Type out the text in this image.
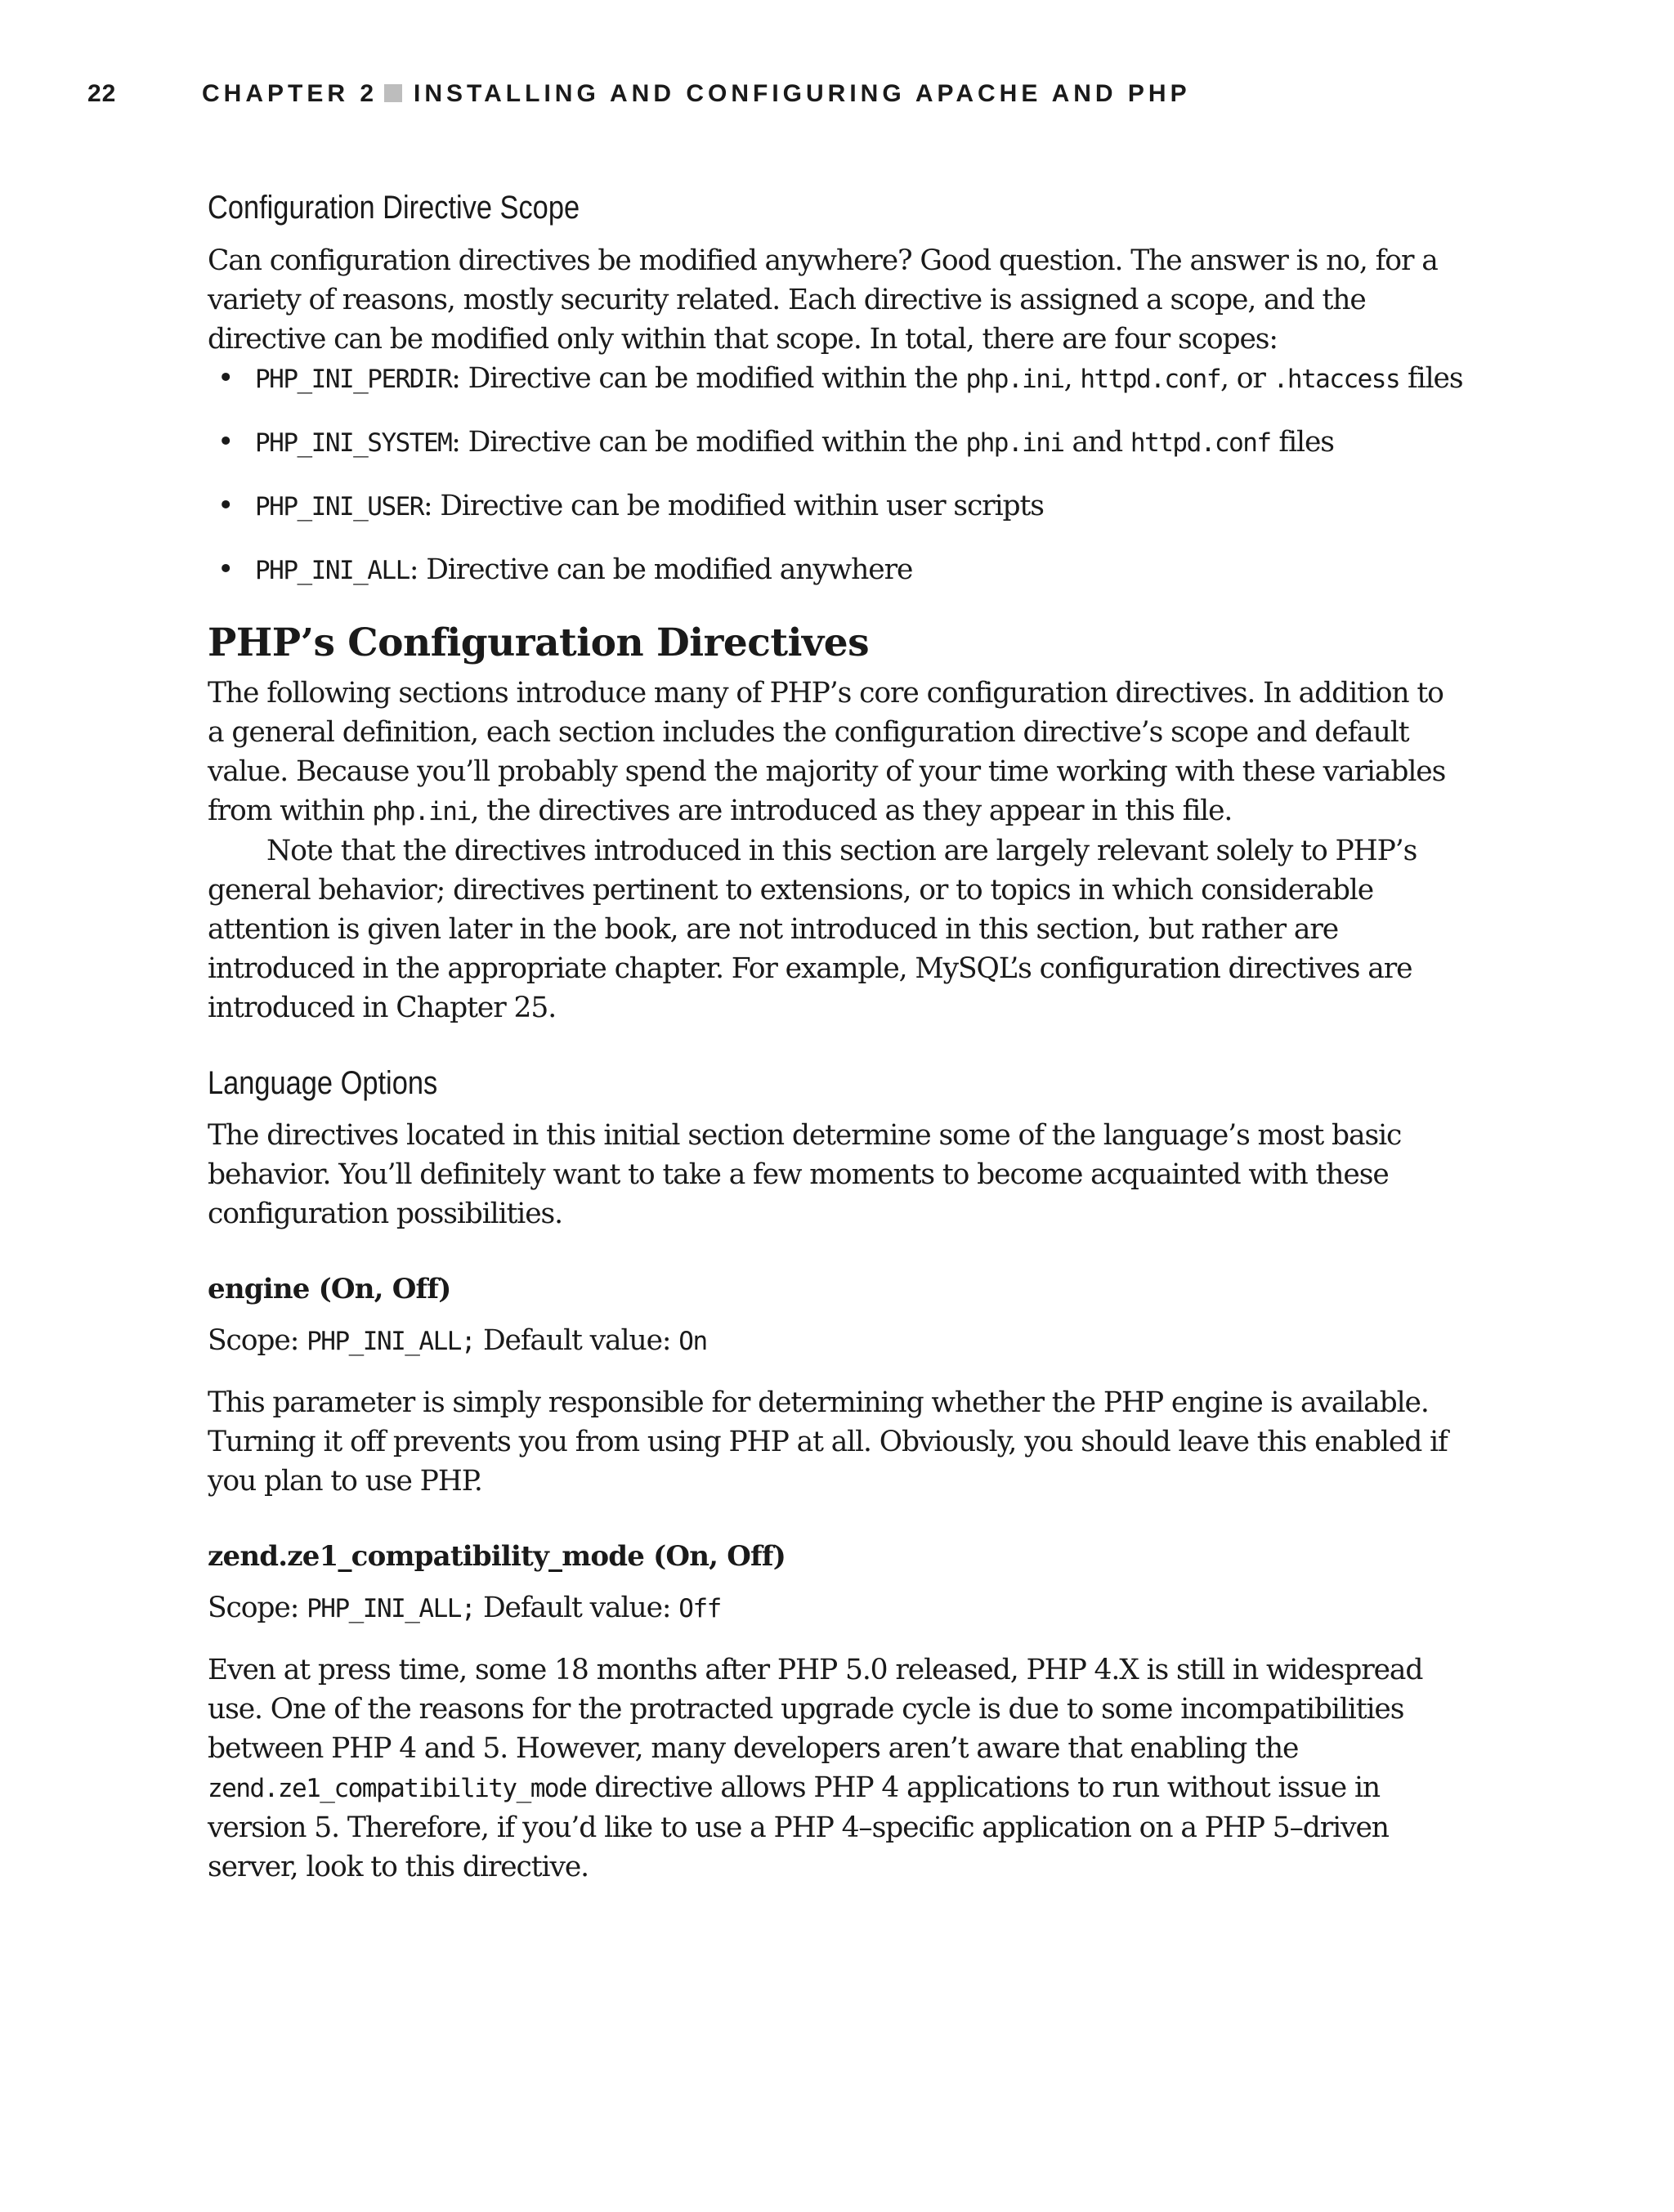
22	CHAPTER 2 INSTALLING AND CONFIGURING APACHE AND PHP
Configuration Directive Scope

Can configuration directives be modified anywhere? Good question. The answer is no, for a variety of reasons, mostly security related. Each directive is assigned a scope, and the directive can be modified only within that scope. In total, there are four scopes:

• PHP_INI_PERDIR: Directive can be modified within the php.ini, httpd.conf, or .htaccess files
• PHP_INI_SYSTEM: Directive can be modified within the php.ini and httpd.conf files
• PHP_INI_USER: Directive can be modified within user scripts
• PHP_INI_ALL: Directive can be modified anywhere
PHP’s Configuration Directives

The following sections introduce many of PHP’s core configuration directives. In addition to a general definition, each section includes the configuration directive’s scope and default value. Because you’ll probably spend the majority of your time working with these variables from within php.ini, the directives are introduced as they appear in this file.

Note that the directives introduced in this section are largely relevant solely to PHP’s general behavior; directives pertinent to extensions, or to topics in which considerable attention is given later in the book, are not introduced in this section, but rather are introduced in the appropriate chapter. For example, MySQL’s configuration directives are introduced in Chapter 25.

Language Options

The directives located in this initial section determine some of the language’s most basic behavior. You’ll definitely want to take a few moments to become acquainted with these configuration possibilities.

engine (On, Off)

Scope: PHP_INI_ALL; Default value: On

This parameter is simply responsible for determining whether the PHP engine is available. Turning it off prevents you from using PHP at all. Obviously, you should leave this enabled if you plan to use PHP.

zend.ze1_compatibility_mode (On, Off)

Scope: PHP_INI_ALL; Default value: Off

Even at press time, some 18 months after PHP 5.0 released, PHP 4.X is still in widespread use. One of the reasons for the protracted upgrade cycle is due to some incompatibilities between PHP 4 and 5. However, many developers aren’t aware that enabling the zend.ze1_compatibility_mode directive allows PHP 4 applications to run without issue in version 5. Therefore, if you’d like to use a PHP 4–specific application on a PHP 5–driven server, look to this directive.
